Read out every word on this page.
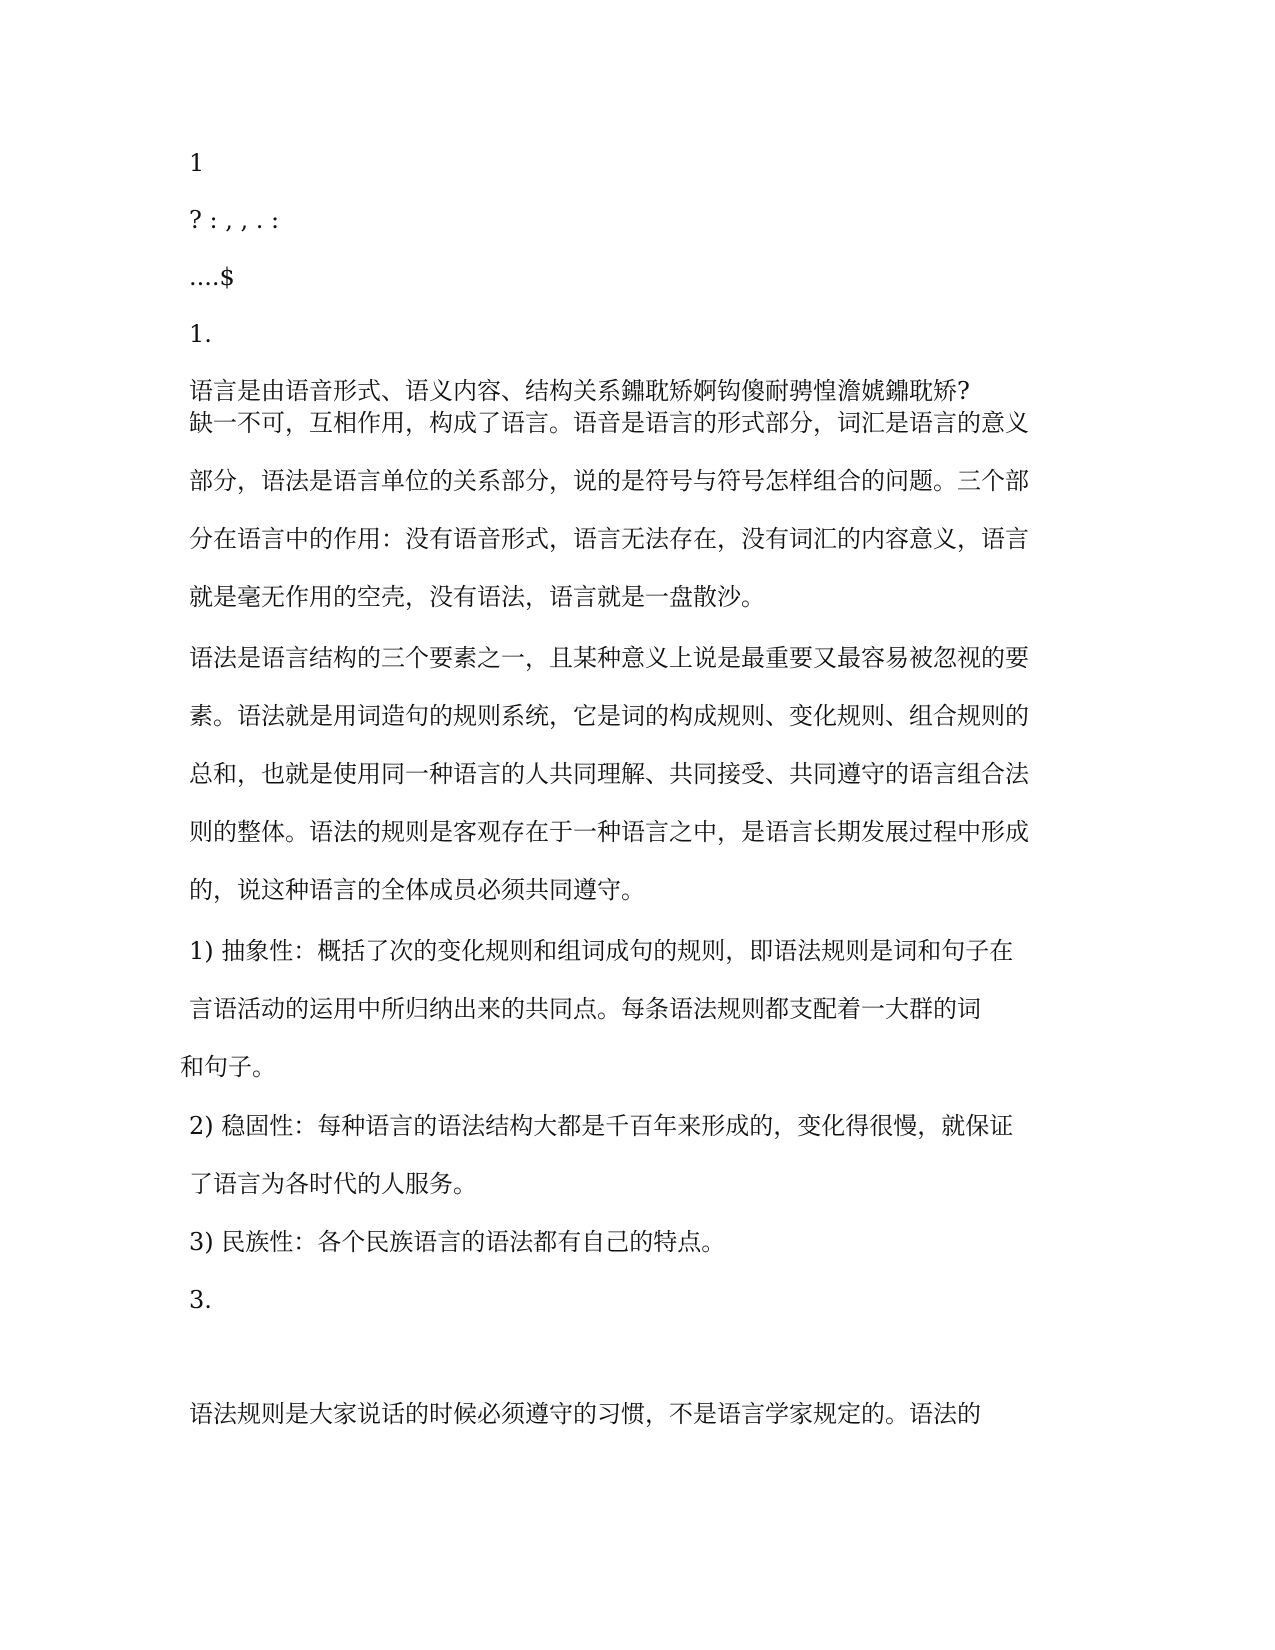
1

? : , , . :

....$

1.

语言是由语音形式、语义内容、结构关系鐤耽矫婀钩傻耐骋惶澹婋鐤耽矫?

缺一不可，互相作用，构成了语言。语音是语言的形式部分，词汇是语言的意义

部分，语法是语言单位的关系部分，说的是符号与符号怎样组合的问题。三个部

分在语言中的作用：没有语音形式，语言无法存在，没有词汇的内容意义，语言

就是毫无作用的空壳，没有语法，语言就是一盘散沙。

语法是语言结构的三个要素之一，且某种意义上说是最重要又最容易被忽视的要

素。语法就是用词造句的规则系统，它是词的构成规则、变化规则、组合规则的

总和，也就是使用同一种语言的人共同理解、共同接受、共同遵守的语言组合法

则的整体。语法的规则是客观存在于一种语言之中，是语言长期发展过程中形成

的，说这种语言的全体成员必须共同遵守。

1) 抽象性：概括了次的变化规则和组词成句的规则，即语法规则是词和句子在

言语活动的运用中所归纳出来的共同点。每条语法规则都支配着一大群的词

和句子。

2) 稳固性：每种语言的语法结构大都是千百年来形成的，变化得很慢，就保证

了语言为各时代的人服务。

3) 民族性：各个民族语言的语法都有自己的特点。

3.

语法规则是大家说话的时候必须遵守的习惯，不是语言学家规定的。语法的
